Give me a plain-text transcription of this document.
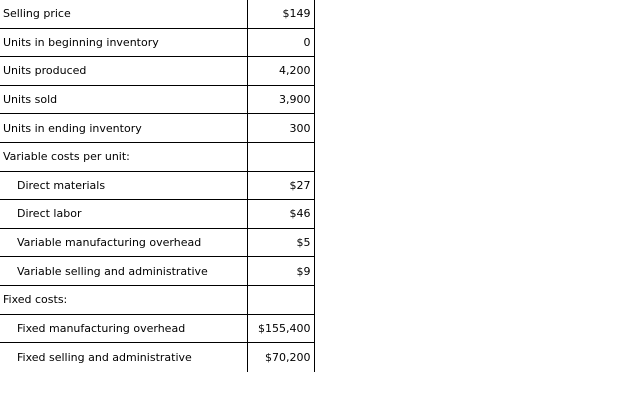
Selling price	$149
Units in beginning inventory	0
Units produced	4,200
Units sold	3,900
Units in ending inventory	300
Variable costs per unit:	
Direct materials	$27
Direct labor	$46
Variable manufacturing overhead	$5
Variable selling and administrative	$9
Fixed costs:	
Fixed manufacturing overhead	$155,400
Fixed selling and administrative	$70,200
